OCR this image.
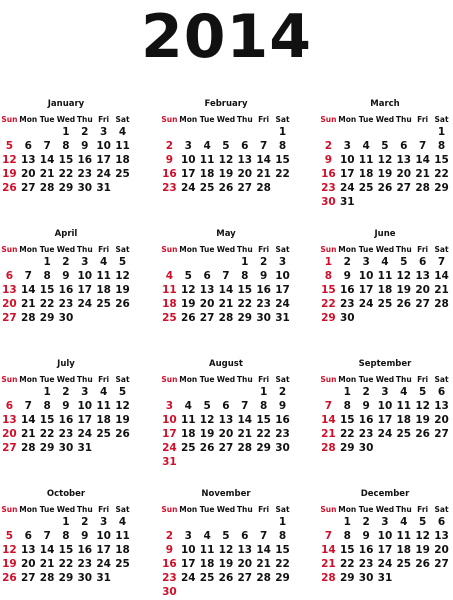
2014
January
Sun	Mon	Tue	Wed	Thu	Fri	Sat
			1	2	3	4
5	6	7	8	9	10	11
12	13	14	15	16	17	18
19	20	21	22	23	24	25
26	27	28	29	30	31	
February
Sun	Mon	Tue	Wed	Thu	Fri	Sat
						1
2	3	4	5	6	7	8
9	10	11	12	13	14	15
16	17	18	19	20	21	22
23	24	25	26	27	28	
March
Sun	Mon	Tue	Wed	Thu	Fri	Sat
						1
2	3	4	5	6	7	8
9	10	11	12	13	14	15
16	17	18	19	20	21	22
23	24	25	26	27	28	29
30	31					
April
Sun	Mon	Tue	Wed	Thu	Fri	Sat
		1	2	3	4	5
6	7	8	9	10	11	12
13	14	15	16	17	18	19
20	21	22	23	24	25	26
27	28	29	30			
May
Sun	Mon	Tue	Wed	Thu	Fri	Sat
				1	2	3
4	5	6	7	8	9	10
11	12	13	14	15	16	17
18	19	20	21	22	23	24
25	26	27	28	29	30	31
June
Sun	Mon	Tue	Wed	Thu	Fri	Sat
1	2	3	4	5	6	7
8	9	10	11	12	13	14
15	16	17	18	19	20	21
22	23	24	25	26	27	28
29	30					
July
Sun	Mon	Tue	Wed	Thu	Fri	Sat
		1	2	3	4	5
6	7	8	9	10	11	12
13	14	15	16	17	18	19
20	21	22	23	24	25	26
27	28	29	30	31		
August
Sun	Mon	Tue	Wed	Thu	Fri	Sat
					1	2
3	4	5	6	7	8	9
10	11	12	13	14	15	16
17	18	19	20	21	22	23
24	25	26	27	28	29	30
31						
September
Sun	Mon	Tue	Wed	Thu	Fri	Sat
	1	2	3	4	5	6
7	8	9	10	11	12	13
14	15	16	17	18	19	20
21	22	23	24	25	26	27
28	29	30				
October
Sun	Mon	Tue	Wed	Thu	Fri	Sat
			1	2	3	4
5	6	7	8	9	10	11
12	13	14	15	16	17	18
19	20	21	22	23	24	25
26	27	28	29	30	31	
November
Sun	Mon	Tue	Wed	Thu	Fri	Sat
						1
2	3	4	5	6	7	8
9	10	11	12	13	14	15
16	17	18	19	20	21	22
23	24	25	26	27	28	29
30						
December
Sun	Mon	Tue	Wed	Thu	Fri	Sat
	1	2	3	4	5	6
7	8	9	10	11	12	13
14	15	16	17	18	19	20
21	22	23	24	25	26	27
28	29	30	31			
